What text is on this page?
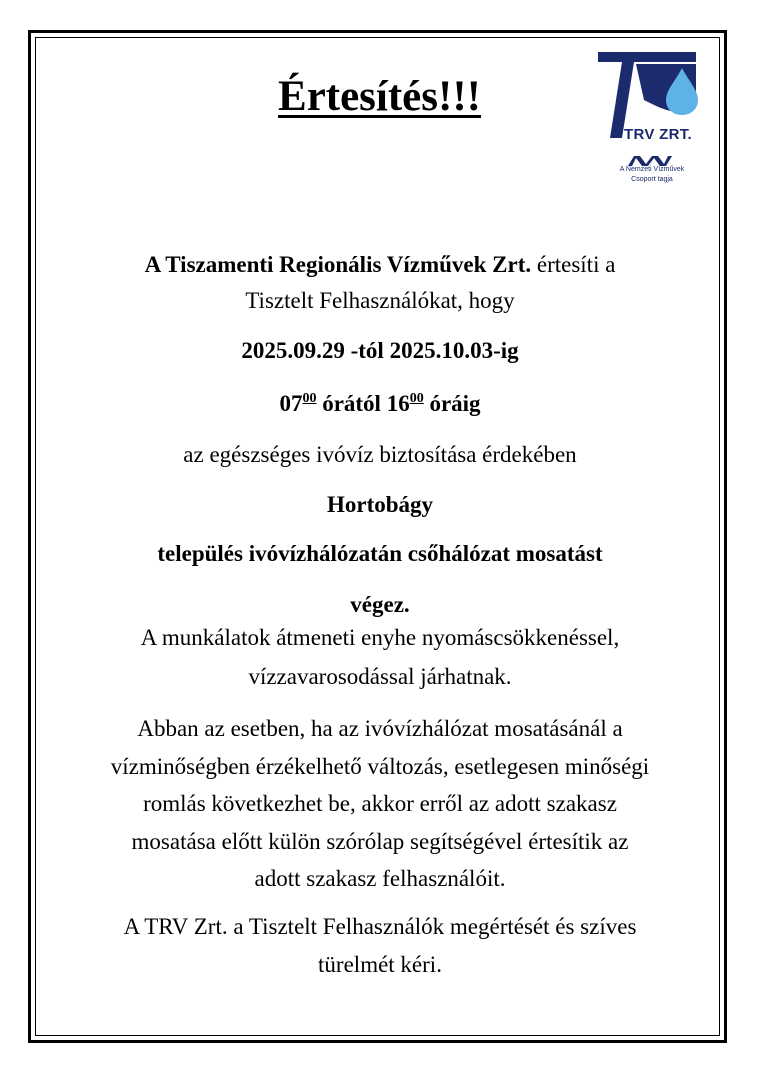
Értesítés!!!
TRV ZRT.
A Nemzeti Vízművek
Csoport tagja

A Tiszamenti Regionális Vízművek Zrt. értesíti a

Tisztelt Felhasználókat, hogy

2025.09.29 -tól 2025.10.03-ig

$07^{00}$ órától $16^{00}$ óráig

az egészséges ivóvíz biztosítása érdekében

Hortobágy

település ivóvízhálózatán csőhálózat mosatást

végez.

A munkálatok átmeneti enyhe nyomáscsökkenéssel,

vízzavarosodással járhatnak.

Abban az esetben, ha az ivóvízhálózat mosatásánál a

vízminőségben érzékelhető változás, esetlegesen minőségi

romlás következhet be, akkor erről az adott szakasz

mosatása előtt külön szórólap segítségével értesítik az

adott szakasz felhasználóit.

A TRV Zrt. a Tisztelt Felhasználók megértését és szíves

türelmét kéri.
